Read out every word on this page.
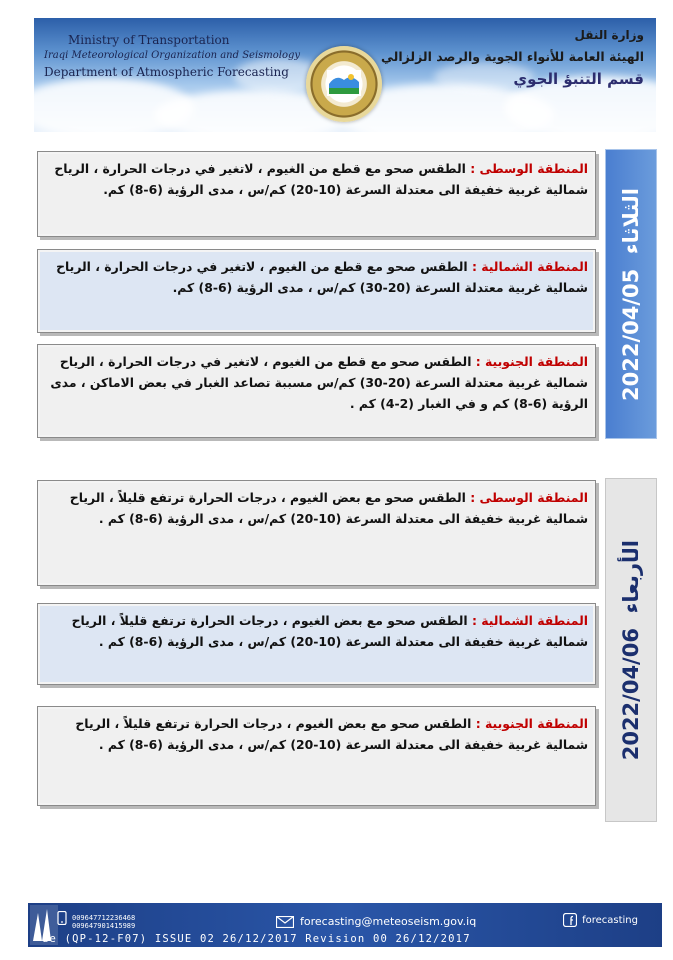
Ministry of Transportation
Iraqi Meteorological Organization and Seismology
Department of Atmospheric Forecasting
وزارة النقل
الهيئة العامة للأنواء الجوية والرصد الزلزالي
قسم التنبؤ الجوي

المنطقة الوسطى : الطقس صحو مع قطع من الغيوم ، لاتغير في درجات الحرارة ، الرياح شمالية غربية خفيفة الى معتدلة السرعة (10-20) كم/س ، مدى الرؤية (6-8) كم.

المنطقة الشمالية : الطقس صحو مع قطع من الغيوم ، لاتغير في درجات الحرارة ، الرياح شمالية غربية معتدلة السرعة (20-30) كم/س ، مدى الرؤية (6-8) كم.

المنطقة الجنوبية : الطقس صحو مع قطع من الغيوم ، لاتغير في درجات الحرارة ، الرياح شمالية غربية معتدلة السرعة (20-30) كم/س مسببة تصاعد الغبار في بعض الاماكن ، مدى الرؤية (6-8) كم و في الغبار (2-4) كم .

2022/04/05  الثلاثاء

المنطقة الوسطى : الطقس صحو مع بعض الغيوم ، درجات الحرارة ترتفع قليلاً ، الرياح شمالية غربية خفيفة الى معتدلة السرعة (10-20) كم/س ، مدى الرؤية (6-8) كم .

المنطقة الشمالية : الطقس صحو مع بعض الغيوم ، درجات الحرارة ترتفع قليلاً ، الرياح شمالية غربية خفيفة الى معتدلة السرعة (10-20) كم/س ، مدى الرؤية (6-8) كم .

المنطقة الجنوبية : الطقس صحو مع بعض الغيوم ، درجات الحرارة ترتفع قليلاً ، الرياح شمالية غربية خفيفة الى معتدلة السرعة (10-20) كم/س ، مدى الرؤية (6-8) كم .	2022/04/06  الأربعاء
009647712236468
009647901415989	forecasting@meteoseism.gov.iq	forecasting
de (QP-12-F07) ISSUE 02 26/12/2017 Revision 00 26/12/2017
